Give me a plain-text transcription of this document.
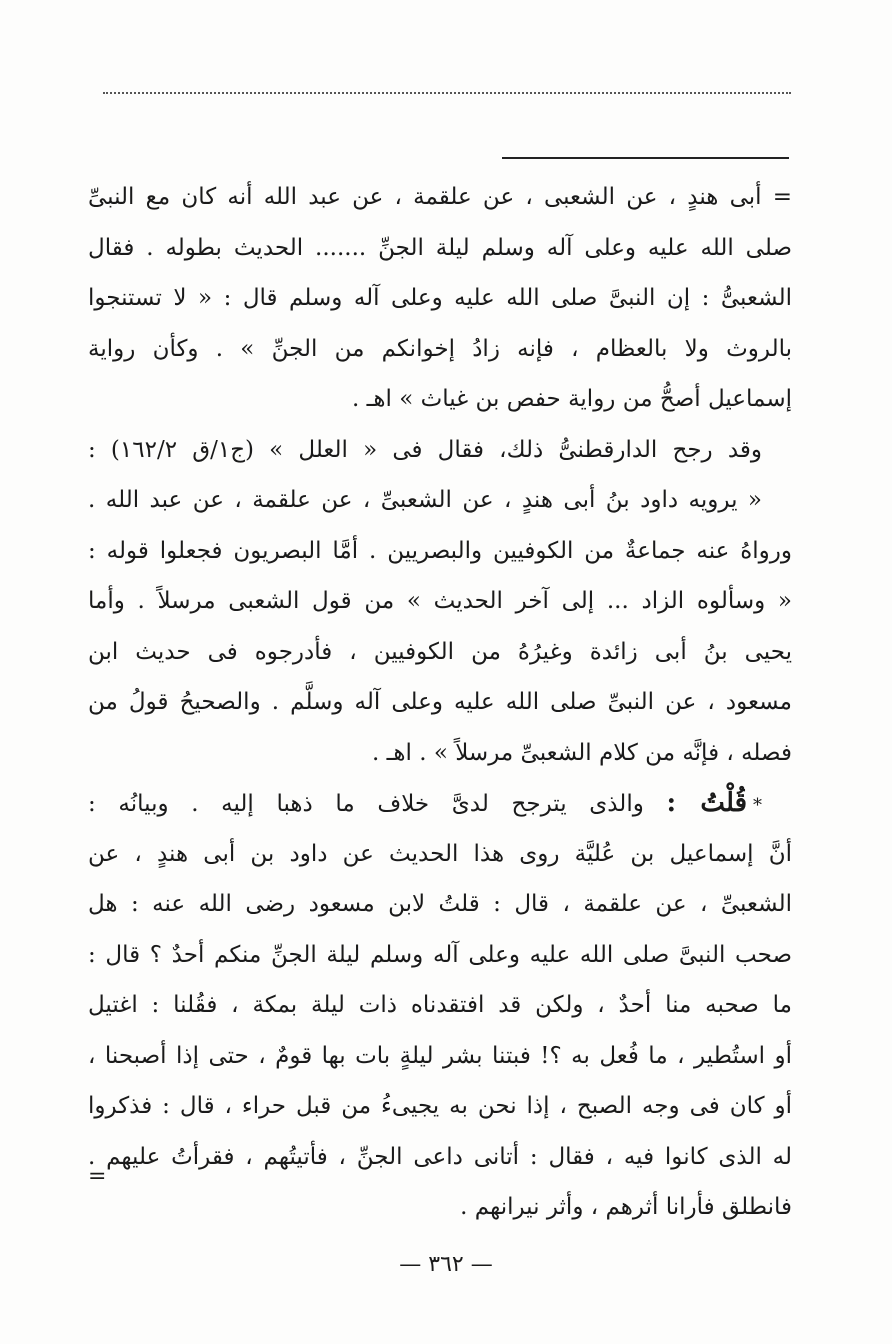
= أبى هندٍ ، عن الشعبى ، عن علقمة ، عن عبد الله أنه كان مع النبىِّ
صلى الله عليه وعلى آله وسلم ليلة الجنِّ ....... الحديث بطوله . فقال
الشعبىُّ : إن النبىَّ صلى الله عليه وعلى آله وسلم قال : « لا تستنجوا
بالروث ولا بالعظام ، فإنه زادُ إخوانكم من الجنِّ » . وكأن رواية
إسماعيل أصحُّ من رواية حفص بن غياث » اهـ .
وقد رجح الدارقطنىُّ ذلك، فقال فى « العلل » (ج١/ق ١٦٢/٢) :
« يرويه داود بنُ أبى هندٍ ، عن الشعبىِّ ، عن علقمة ، عن عبد الله .
ورواهُ عنه جماعةٌ من الكوفيين والبصريين . أمَّا البصريون فجعلوا قوله :
« وسألوه الزاد ... إلى آخر الحديث » من قول الشعبى مرسلاً . وأما
يحيى بنُ أبى زائدة وغيرُهُ من الكوفيين ، فأدرجوه فى حديث ابن
مسعود ، عن النبىِّ صلى الله عليه وعلى آله وسلَّم . والصحيحُ قولُ من
فصله ، فإنَّه من كلام الشعبىِّ مرسلاً » . اهـ .
*قُلْتُ : والذى يترجح لدىَّ خلاف ما ذهبا إليه . وبيانُه :
أنَّ إسماعيل بن عُليَّة روى هذا الحديث عن داود بن أبى هندٍ ، عن
الشعبىِّ ، عن علقمة ، قال : قلتُ لابن مسعود رضى الله عنه : هل
صحب النبىَّ صلى الله عليه وعلى آله وسلم ليلة الجنِّ منكم أحدٌ ؟ قال :
ما صحبه منا أحدٌ ، ولكن قد افتقدناه ذات ليلة بمكة ، فقُلنا : اغتيل
أو استُطير ، ما فُعل به ؟! فبتنا بشر ليلةٍ بات بها قومٌ ، حتى إذا أصبحنا ،
أو كان فى وجه الصبح ، إذا نحن به يجيىءُ من قبل حراء ، قال : فذكروا
له الذى كانوا فيه ، فقال : أتانى داعى الجنِّ ، فأتيتُهم ، فقرأتُ عليهم .
فانطلق فأرانا أثرهم ، وأثر نيرانهم .
=
— ٣٦٢ —
